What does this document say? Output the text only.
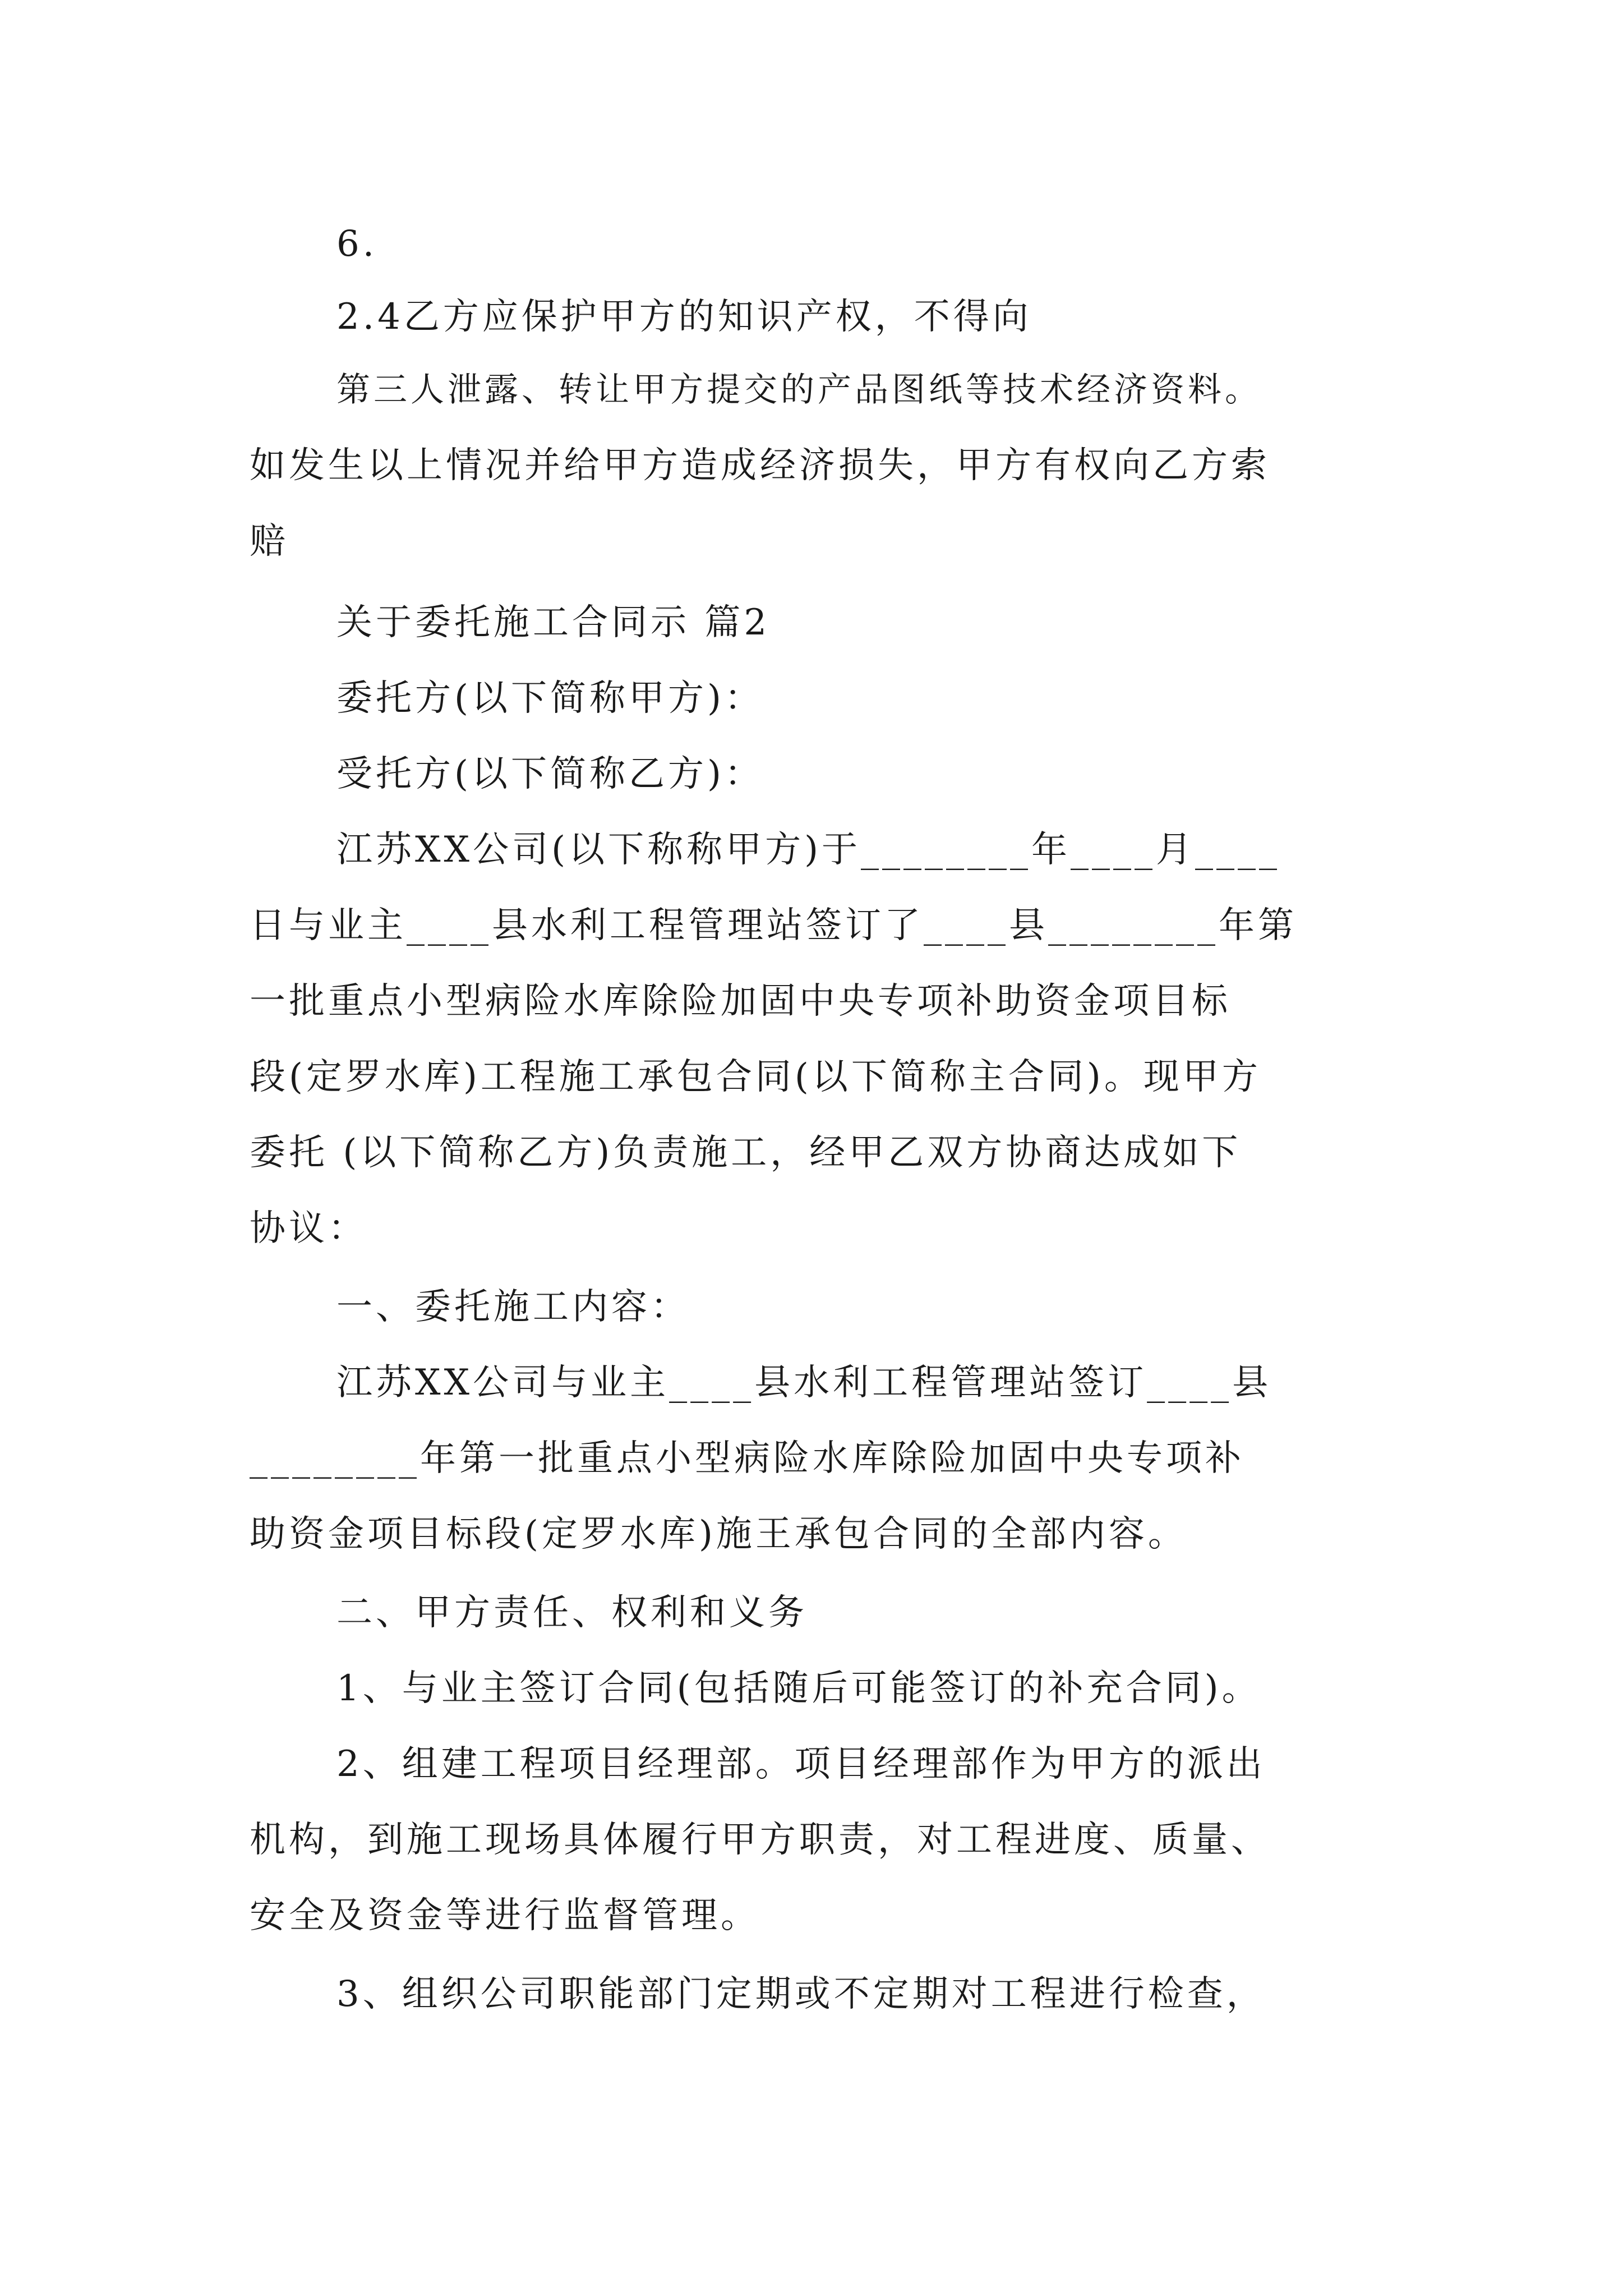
6.
2.4乙方应保护甲方的知识产权，不得向
第三人泄露、转让甲方提交的产品图纸等技术经济资料。
如发生以上情况并给甲方造成经济损失，甲方有权向乙方索
赔
关于委托施工合同示 篇2
委托方(以下简称甲方)：
受托方(以下简称乙方)：
江苏XX公司(以下称称甲方)于________年____月____
日与业主____县水利工程管理站签订了____县________年第
一批重点小型病险水库除险加固中央专项补助资金项目标
段(定罗水库)工程施工承包合同(以下简称主合同)。现甲方
委托 (以下简称乙方)负责施工，经甲乙双方协商达成如下
协议：
一、委托施工内容：
江苏XX公司与业主____县水利工程管理站签订____县
________年第一批重点小型病险水库除险加固中央专项补
助资金项目标段(定罗水库)施王承包合同的全部内容。
二、甲方责任、权利和义务
1、与业主签订合同(包括随后可能签订的补充合同)。
2、组建工程项目经理部。项目经理部作为甲方的派出
机构，到施工现场具体履行甲方职责，对工程进度、质量、
安全及资金等进行监督管理。
3、组织公司职能部门定期或不定期对工程进行检查，
